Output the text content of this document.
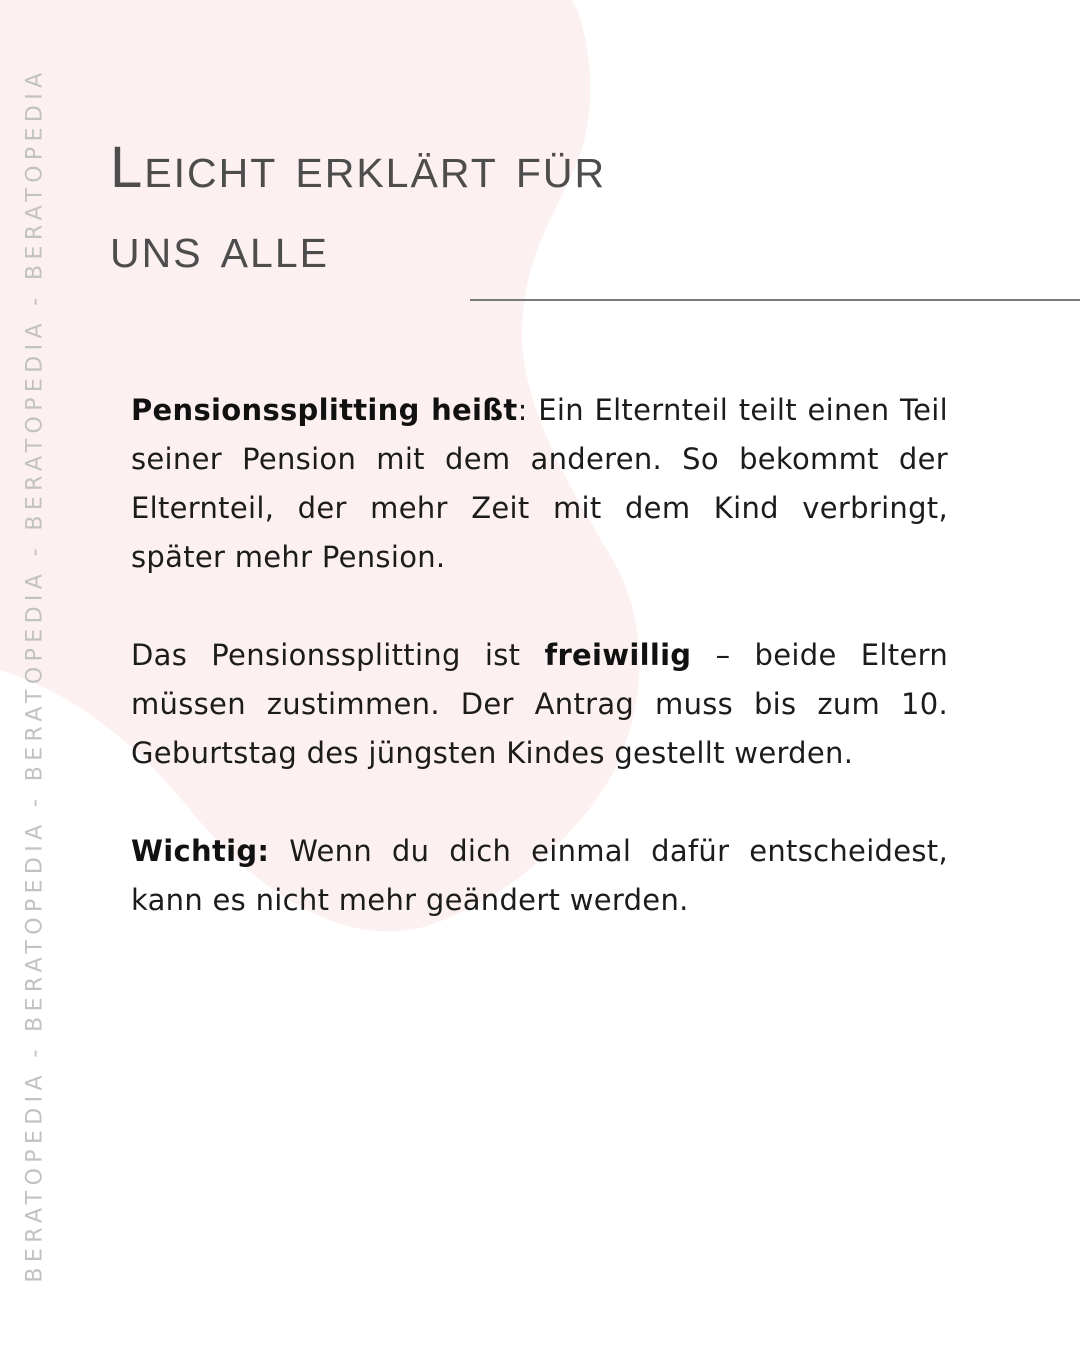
BERATOPEDIA - BERATOPEDIA - BERATOPEDIA - BERATOPEDIA - BERATOPEDIA Leicht erklärt für
uns alle

Pensionssplitting heißt: Ein Elternteil teilt einen Teil seiner Pension mit dem anderen. So bekommt der Elternteil, der mehr Zeit mit dem Kind verbringt, später mehr Pension.

Das Pensionssplitting ist freiwillig – beide Eltern müssen zustimmen. Der Antrag muss bis zum 10. Geburtstag des jüngsten Kindes gestellt werden.

Wichtig: Wenn du dich einmal dafür entscheidest, kann es nicht mehr geändert werden.
